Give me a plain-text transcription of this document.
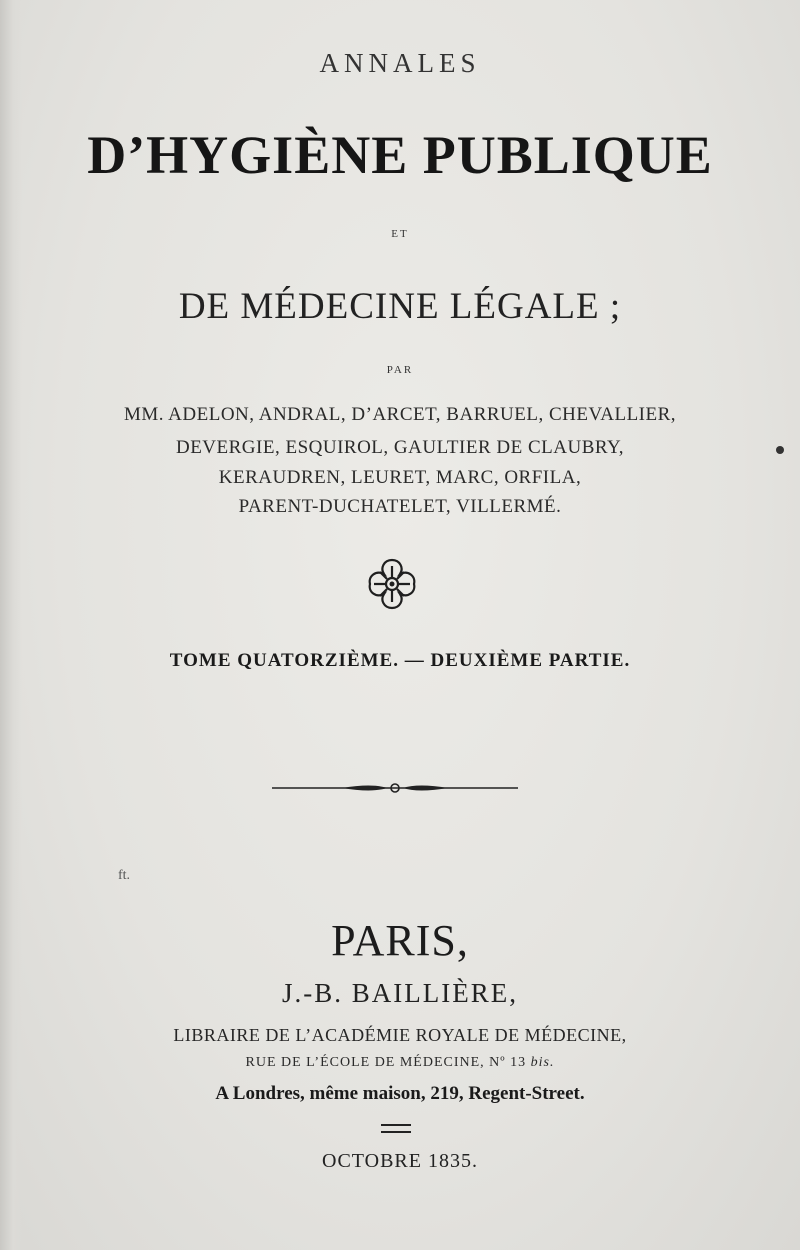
ANNALES
D’HYGIÈNE PUBLIQUE
ET
DE MÉDECINE LÉGALE ;
PAR
MM. ADELON, ANDRAL, D’ARCET, BARRUEL, CHEVALLIER,
DEVERGIE, ESQUIROL, GAULTIER DE CLAUBRY,
KERAUDREN, LEURET, MARC, ORFILA,
PARENT-DUCHATELET, VILLERMÉ.
TOME QUATORZIÈME. — DEUXIÈME PARTIE.
ft.
PARIS,
J.-B. BAILLIÈRE,
LIBRAIRE DE L’ACADÉMIE ROYALE DE MÉDECINE,
RUE DE L’ÉCOLE DE MÉDECINE, Nº 13 bis.
A Londres, même maison, 219, Regent-Street.
OCTOBRE 1835.
